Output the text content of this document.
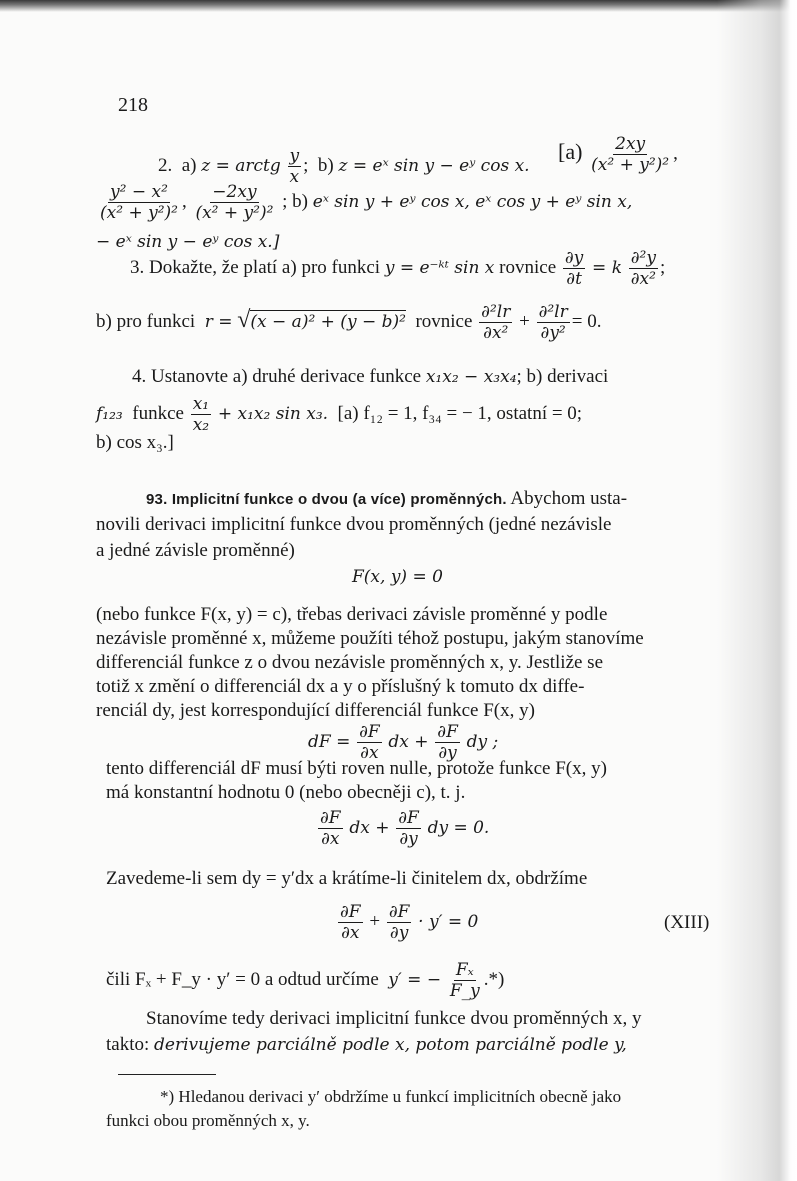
218
2. a) z = arctg $\frac{y}{x}$ ; b) z = eˣ sin y − eʸ cos x.
$[a) \frac{2xy}{\text{(x² + y²)²}}$ ,
$\frac{\text{y² − x²}}{\text{(x² + y²)²}}$ , $\frac{-2xy}{\text{(x² + y²)²}}$ ; b) eˣ sin y + eʸ cos x, eˣ cos y + eʸ sin x,
− eˣ sin y − eʸ cos x.]
3. Dokažte, že platí a) pro funkci y = e⁻ᵏᵗ sin x rovnice $\frac{\partial y}{\partial t} = k \frac{\text{∂²y}}{\text{∂x²}}$ ;
b) pro funkci r = √(x − a)² + (y − b)² rovnice $\frac{\text{∂²lr}}{\text{∂x²}} + \frac{\text{∂²lr}}{\text{∂y²}} = 0$.
4. Ustanovte a) druhé derivace funkce x₁x₂ − x₃x₄; b) derivaci
f₁₂₃ funkce $\frac{\text{x₁}}{\text{x₂}} + x_1x_2$ sin x₃. [a) f₁₂ = 1, f₃₄ = − 1, ostatní = 0;
b) cos x₃.]
93. Implicitní funkce o dvou (a více) proměnných. Abychom usta-
novili derivaci implicitní funkce dvou proměnných (jedné nezávisle
a jedné závisle proměnné)
F(x, y) = 0
(nebo funkce F(x, y) = c), třebas derivaci závisle proměnné y podle
nezávisle proměnné x, můžeme použíti téhož postupu, jakým stanovíme
differenciál funkce z o dvou nezávisle proměnných x, y. Jestliže se
totiž x změní o differenciál dx a y o příslušný k tomuto dx diffe-
renciál dy, jest korrespondující differenciál funkce F(x, y)
dF = $\frac{\partial F}{\partial x}$ dx + $\frac{\partial F}{\partial y}$ dy ;
tento differenciál dF musí býti roven nulle, protože funkce F(x, y)
má konstantní hodnotu 0 (nebo obecněji c), t. j.
$\frac{\partial F}{\partial x}$ dx + $\frac{\partial F}{\partial y}$ dy = 0.
Zavedeme-li sem dy = y′dx a krátíme-li činitelem dx, obdržíme
$\frac{\partial F}{\partial x} + \frac{\partial F}{\partial y} \cdot y' = 0$	(XIII)
čili Fₓ + F_y · y′ = 0 a odtud určíme y′ = − $\frac{\text{Fₓ}}{F\_y}$ .*)
Stanovíme tedy derivaci implicitní funkce dvou proměnných x, y
takto: derivujeme parciálně podle x, potom parciálně podle y,
*) Hledanou derivaci y′ obdržíme u funkcí implicitních obecně jako
funkci obou proměnných x, y.
